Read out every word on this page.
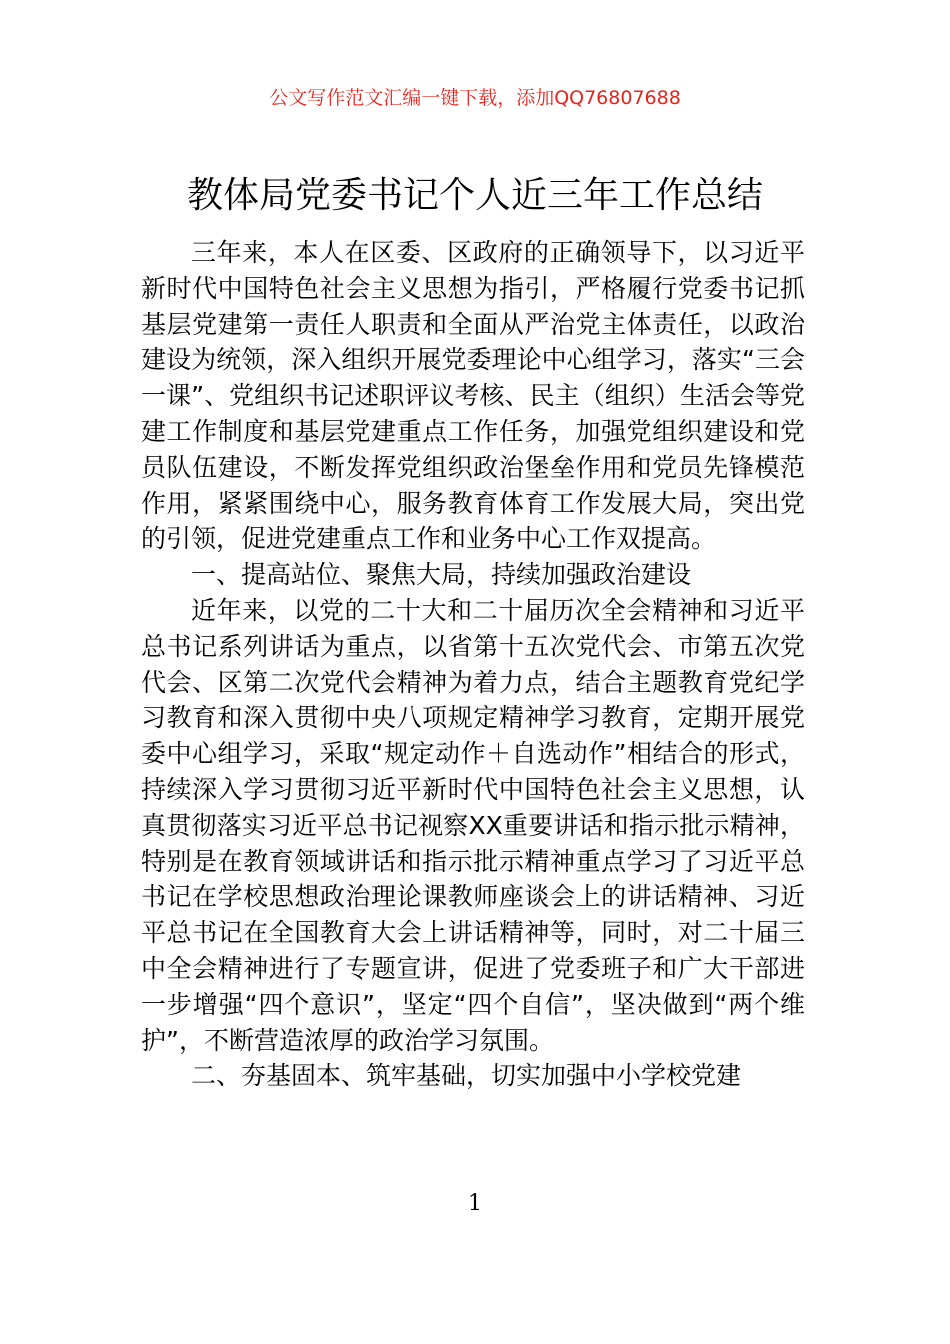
公文写作范文汇编一键下载，添加QQ76807688
教体局党委书记个人近三年工作总结

三年来，本人在区委、区政府的正确领导下，以习近平新时代中国特色社会主义思想为指引，严格履行党委书记抓基层党建第一责任人职责和全面从严治党主体责任，以政治建设为统领，深入组织开展党委理论中心组学习，落实“三会一课”、党组织书记述职评议考核、民主（组织）生活会等党建工作制度和基层党建重点工作任务，加强党组织建设和党员队伍建设，不断发挥党组织政治堡垒作用和党员先锋模范作用，紧紧围绕中心，服务教育体育工作发展大局，突出党的引领，促进党建重点工作和业务中心工作双提高。

一、提高站位、聚焦大局，持续加强政治建设

近年来，以党的二十大和二十届历次全会精神和习近平总书记系列讲话为重点，以省第十五次党代会、市第五次党代会、区第二次党代会精神为着力点，结合主题教育党纪学习教育和深入贯彻中央八项规定精神学习教育，定期开展党委中心组学习，采取“规定动作＋自选动作”相结合的形式，持续深入学习贯彻习近平新时代中国特色社会主义思想，认真贯彻落实习近平总书记视察XX重要讲话和指示批示精神，特别是在教育领域讲话和指示批示精神重点学习了习近平总书记在学校思想政治理论课教师座谈会上的讲话精神、习近平总书记在全国教育大会上讲话精神等，同时，对二十届三中全会精神进行了专题宣讲，促进了党委班子和广大干部进一步增强“四个意识”，坚定“四个自信”，坚决做到“两个维护”，不断营造浓厚的政治学习氛围。

二、夯基固本、筑牢基础，切实加强中小学校党建

1
